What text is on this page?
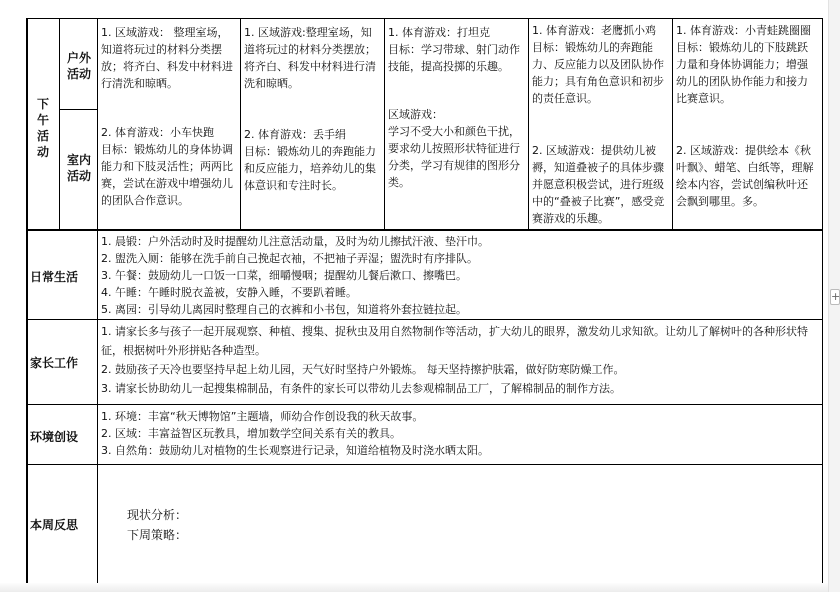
下
午
活
动
户外
活动
室内
活动
1. 区域游戏： 整理室场，知道将玩过的材料分类摆放；将齐白、科发中材料进行清洗和晾晒。
2. 体育游戏：小车快跑
目标：锻炼幼儿的身体协调能力和下肢灵活性；两两比赛，尝试在游戏中增强幼儿的团队合作意识。
1. 区域游戏:整理室场，知道将玩过的材料分类摆放；将齐白、科发中材料进行清洗和晾晒。
2. 体育游戏：丢手绢
目标：锻炼幼儿的奔跑能力和反应能力，培养幼儿的集体意识和专注时长。
1. 体育游戏：打坦克
目标：学习带球、射门动作技能，提高投掷的乐趣。
区域游戏：
学习不受大小和颜色干扰，要求幼儿按照形状特征进行分类，学习有规律的图形分类。
1. 体育游戏：老鹰抓小鸡
目标：锻炼幼儿的奔跑能力、反应能力以及团队协作能力；具有角色意识和初步的责任意识。
2. 区域游戏：提供幼儿被褥，知道叠被子的具体步骤并愿意积极尝试，进行班级中的“叠被子比赛”，感受竞赛游戏的乐趣。
1. 体育游戏：小青蛙跳圈圈
目标：锻炼幼儿的下肢跳跃力量和身体协调能力；增强幼儿的团队协作能力和接力比赛意识。
2. 区域游戏：提供绘本《秋叶飘》、蜡笔、白纸等，理解绘本内容，尝试创编秋叶还会飘到哪里。多。
日常生活
1. 晨锻：户外活动时及时提醒幼儿注意活动量，及时为幼儿擦拭汗液、垫汗巾。
2. 盥洗入厕：能够在洗手前自己挽起衣袖，不把袖子弄湿；盥洗时有序排队。
3. 午餐：鼓励幼儿一口饭一口菜，细嚼慢咽；提醒幼儿餐后漱口、擦嘴巴。
4. 午睡：午睡时脱衣盖被，安静入睡，不要趴着睡。
5. 离园：引导幼儿离园时整理自己的衣裤和小书包，知道将外套拉链拉起。
家长工作
1. 请家长多与孩子一起开展观察、种植、搜集、捉秋虫及用自然物制作等活动，扩大幼儿的眼界，激发幼儿求知欲。让幼儿了解树叶的各种形状特征，根据树叶外形拼贴各种造型。
2. 鼓励孩子天冷也要坚持早起上幼儿园，天气好时坚持户外锻炼。 每天坚持擦护肤霜，做好防寒防燥工作。
3. 请家长协助幼儿一起搜集棉制品，有条件的家长可以带幼儿去参观棉制品工厂，了解棉制品的制作方法。
环境创设
1. 环境：丰富“秋天博物馆”主题墙，师幼合作创设我的秋天故事。
2. 区域：丰富益智区玩教具，增加数学空间关系有关的教具。
3. 自然角：鼓励幼儿对植物的生长观察进行记录，知道给植物及时浇水晒太阳。
本周反思
现状分析：
下周策略：
+
